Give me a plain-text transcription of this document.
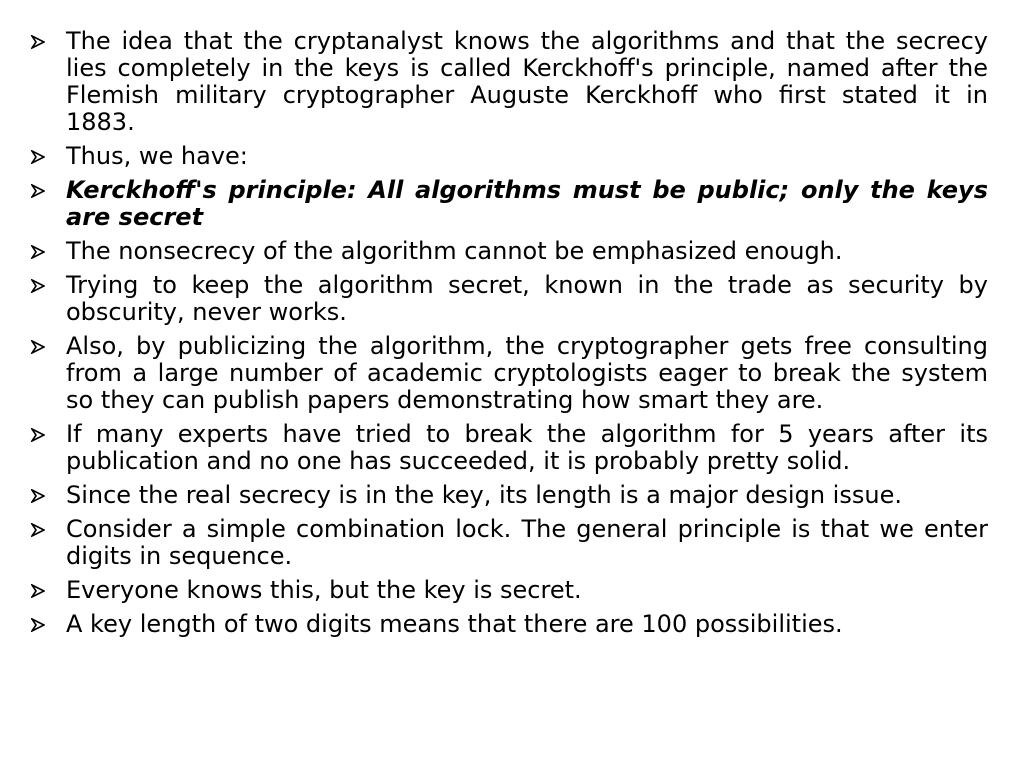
The idea that the cryptanalyst knows the algorithms and that the secrecy lies completely in the keys is called Kerckhoff's principle, named after the Flemish military cryptographer Auguste Kerckhoff who first stated it in 1883.
Thus, we have:
Kerckhoff's principle: All algorithms must be public; only the keys are secret
The nonsecrecy of the algorithm cannot be emphasized enough.
Trying to keep the algorithm secret, known in the trade as security by obscurity, never works.
Also, by publicizing the algorithm, the cryptographer gets free consulting from a large number of academic cryptologists eager to break the system so they can publish papers demonstrating how smart they are.
If many experts have tried to break the algorithm for 5 years after its publication and no one has succeeded, it is probably pretty solid.
Since the real secrecy is in the key, its length is a major design issue.
Consider a simple combination lock. The general principle is that we enter digits in sequence.
Everyone knows this, but the key is secret.
A key length of two digits means that there are 100 possibilities.
